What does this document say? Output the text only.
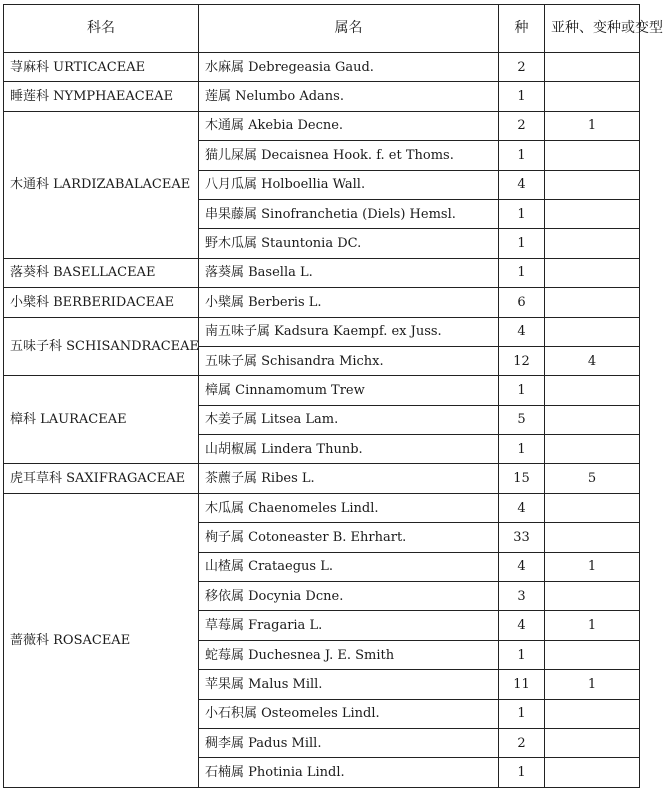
科名	属名	种	亚种、变种或变型
荨麻科 URTICACEAE	水麻属 Debregeasia Gaud.	2	
睡莲科 NYMPHAEACEAE	莲属 Nelumbo Adans.	1	
木通科 LARDIZABALACEAE	木通属 Akebia Decne.	2	1
	猫儿屎属 Decaisnea Hook. f. et Thoms.	1	
	八月瓜属 Holboellia Wall.	4	
	串果藤属 Sinofranchetia (Diels) Hemsl.	1	
	野木瓜属 Stauntonia DC.	1	
落葵科 BASELLACEAE	落葵属 Basella L.	1	
小檗科 BERBERIDACEAE	小檗属 Berberis L.	6	
五味子科 SCHISANDRACEAE	南五味子属 Kadsura Kaempf. ex Juss.	4	
	五味子属 Schisandra Michx.	12	4
樟科 LAURACEAE	樟属 Cinnamomum Trew	1	
	木姜子属 Litsea Lam.	5	
	山胡椒属 Lindera Thunb.	1	
虎耳草科 SAXIFRAGACEAE	茶藨子属 Ribes L.	15	5
蔷薇科 ROSACEAE	木瓜属 Chaenomeles Lindl.	4	
	栒子属 Cotoneaster B. Ehrhart.	33	
	山楂属 Crataegus L.	4	1
	移依属 Docynia Dcne.	3	
	草莓属 Fragaria L.	4	1
	蛇莓属 Duchesnea J. E. Smith	1	
	苹果属 Malus Mill.	11	1
	小石积属 Osteomeles Lindl.	1	
	稠李属 Padus Mill.	2	
	石楠属 Photinia Lindl.	1	
